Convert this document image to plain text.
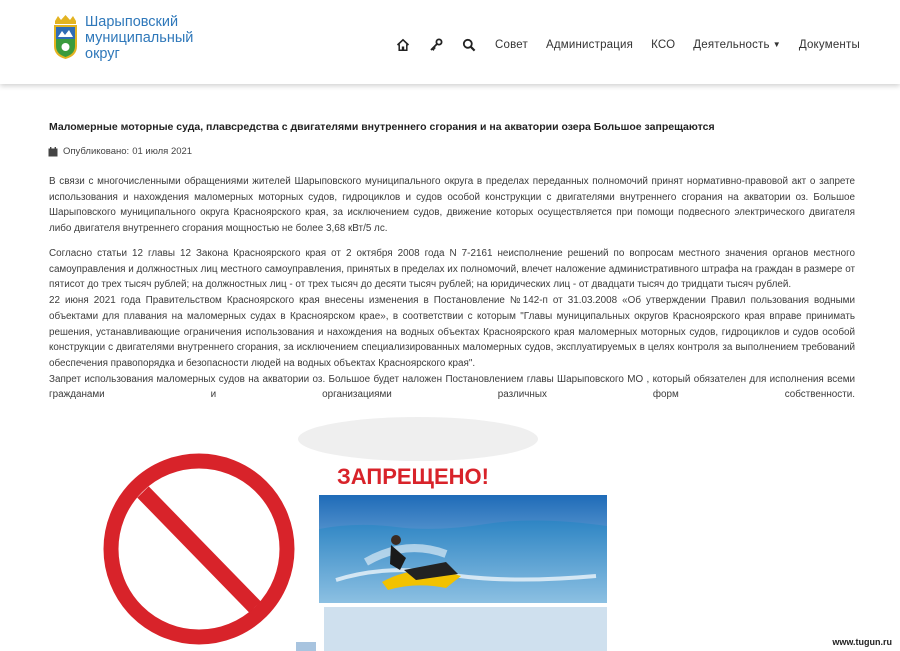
Шарыповский
муниципальный
округ
Совет Администрация КСО Деятельность ▼ Документы
Маломерные моторные суда, плавсредства с двигателями внутреннего сгорания и на акватории озера Большое запрещаются
Опубликовано: 01 июля 2021

В связи с многочисленными обращениями жителей Шарыповского муниципального округа в пределах переданных полномочий принят нормативно-правовой акт о запрете использования и нахождения маломерных моторных судов, гидроциклов и судов особой конструкции с двигателями внутреннего сгорания на акватории оз. Большое Шарыповского муниципального округа Красноярского края, за исключением судов, движение которых осуществляется при помощи подвесного электрического двигателя либо двигателя внутреннего сгорания мощностью не более 3,68 кВт/5 лс.

Согласно статьи 12 главы 12 Закона Красноярского края от 2 октября 2008 года N 7-2161 неисполнение решений по вопросам местного значения органов местного самоуправления и должностных лиц местного самоуправления, принятых в пределах их полномочий, влечет наложение административного штрафа на граждан в размере от пятисот до трех тысяч рублей; на должностных лиц - от трех тысяч до десяти тысяч рублей; на юридических лиц - от двадцати тысяч до тридцати тысяч рублей.
22 июня 2021 года Правительством Красноярского края внесены изменения в Постановление №142-п от 31.03.2008 «Об утверждении Правил пользования водными объектами для плавания на маломерных судах в Красноярском крае», в соответствии с которым "Главы муниципальных округов Красноярского края вправе принимать решения, устанавливающие ограничения использования и нахождения на водных объектах Красноярского края маломерных моторных судов, гидроциклов и судов особой конструкции с двигателями внутреннего сгорания, за исключением специализированных маломерных судов, эксплуатируемых в целях контроля за выполнением требований обеспечения правопорядка и безопасности людей на водных объектах Красноярского края".
Запрет использования маломерных судов на акватории оз. Большое будет наложен Постановлением главы Шарыповского МО , который обязателен для исполнения всеми гражданами и организациями различных форм собственности.
ЗАПРЕЩЕНО!
www.tugun.ru
